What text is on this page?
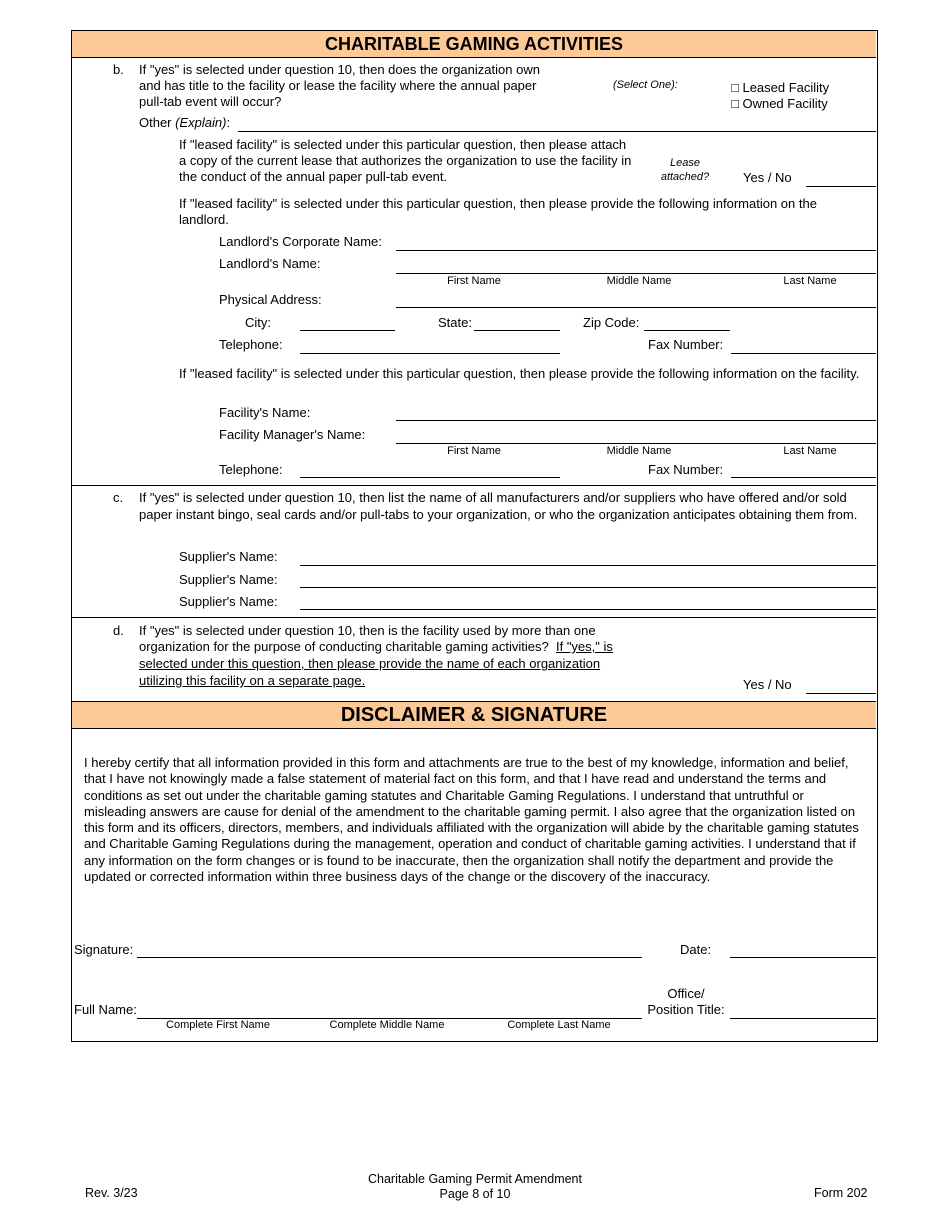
CHARITABLE GAMING ACTIVITIES
b. If "yes" is selected under question 10, then does the organization own
and has title to the facility or lease the facility where the annual paper
pull-tab event will occur?
(Select One):	□ Leased Facility
□ Owned Facility
Other (Explain):
If "leased facility" is selected under this particular question, then please attach
a copy of the current lease that authorizes the organization to use the facility in
the conduct of the annual paper pull-tab event.
Lease
attached?	Yes / No
If "leased facility" is selected under this particular question, then please provide the following information on the
landlord.
Landlord's Corporate Name:
Landlord's Name:
First Name	Middle Name	Last Name
Physical Address:
City:	State:	Zip Code:
Telephone:	Fax Number:
If "leased facility" is selected under this particular question, then please provide the following information on the facility.
Facility's Name:
Facility Manager's Name:
First Name	Middle Name	Last Name
Telephone:	Fax Number:
c. If "yes" is selected under question 10, then list the name of all manufacturers and/or suppliers who have offered and/or sold
paper instant bingo, seal cards and/or pull-tabs to your organization, or who the organization anticipates obtaining them from.
Supplier's Name:
Supplier's Name:
Supplier's Name:
d. If "yes" is selected under question 10, then is the facility used by more than one
organization for the purpose of conducting charitable gaming activities? If "yes," is
selected under this question, then please provide the name of each organization
utilizing this facility on a separate page.	Yes / No
DISCLAIMER & SIGNATURE
I hereby certify that all information provided in this form and attachments are true to the best of my knowledge, information and belief,
that I have not knowingly made a false statement of material fact on this form, and that I have read and understand the terms and
conditions as set out under the charitable gaming statutes and Charitable Gaming Regulations. I understand that untruthful or
misleading answers are cause for denial of the amendment to the charitable gaming permit. I also agree that the organization listed on
this form and its officers, directors, members, and individuals affiliated with the organization will abide by the charitable gaming statutes
and Charitable Gaming Regulations during the management, operation and conduct of charitable gaming activities. I understand that if
any information on the form changes or is found to be inaccurate, then the organization shall notify the department and provide the
updated or corrected information within three business days of the change or the discovery of the inaccuracy.
Signature:	Date:
Full Name:
Office/
Position Title:
Complete First Name	Complete Middle Name	Complete Last Name
Rev. 3/23
Charitable Gaming Permit Amendment
Page 8 of 10	Form 202
